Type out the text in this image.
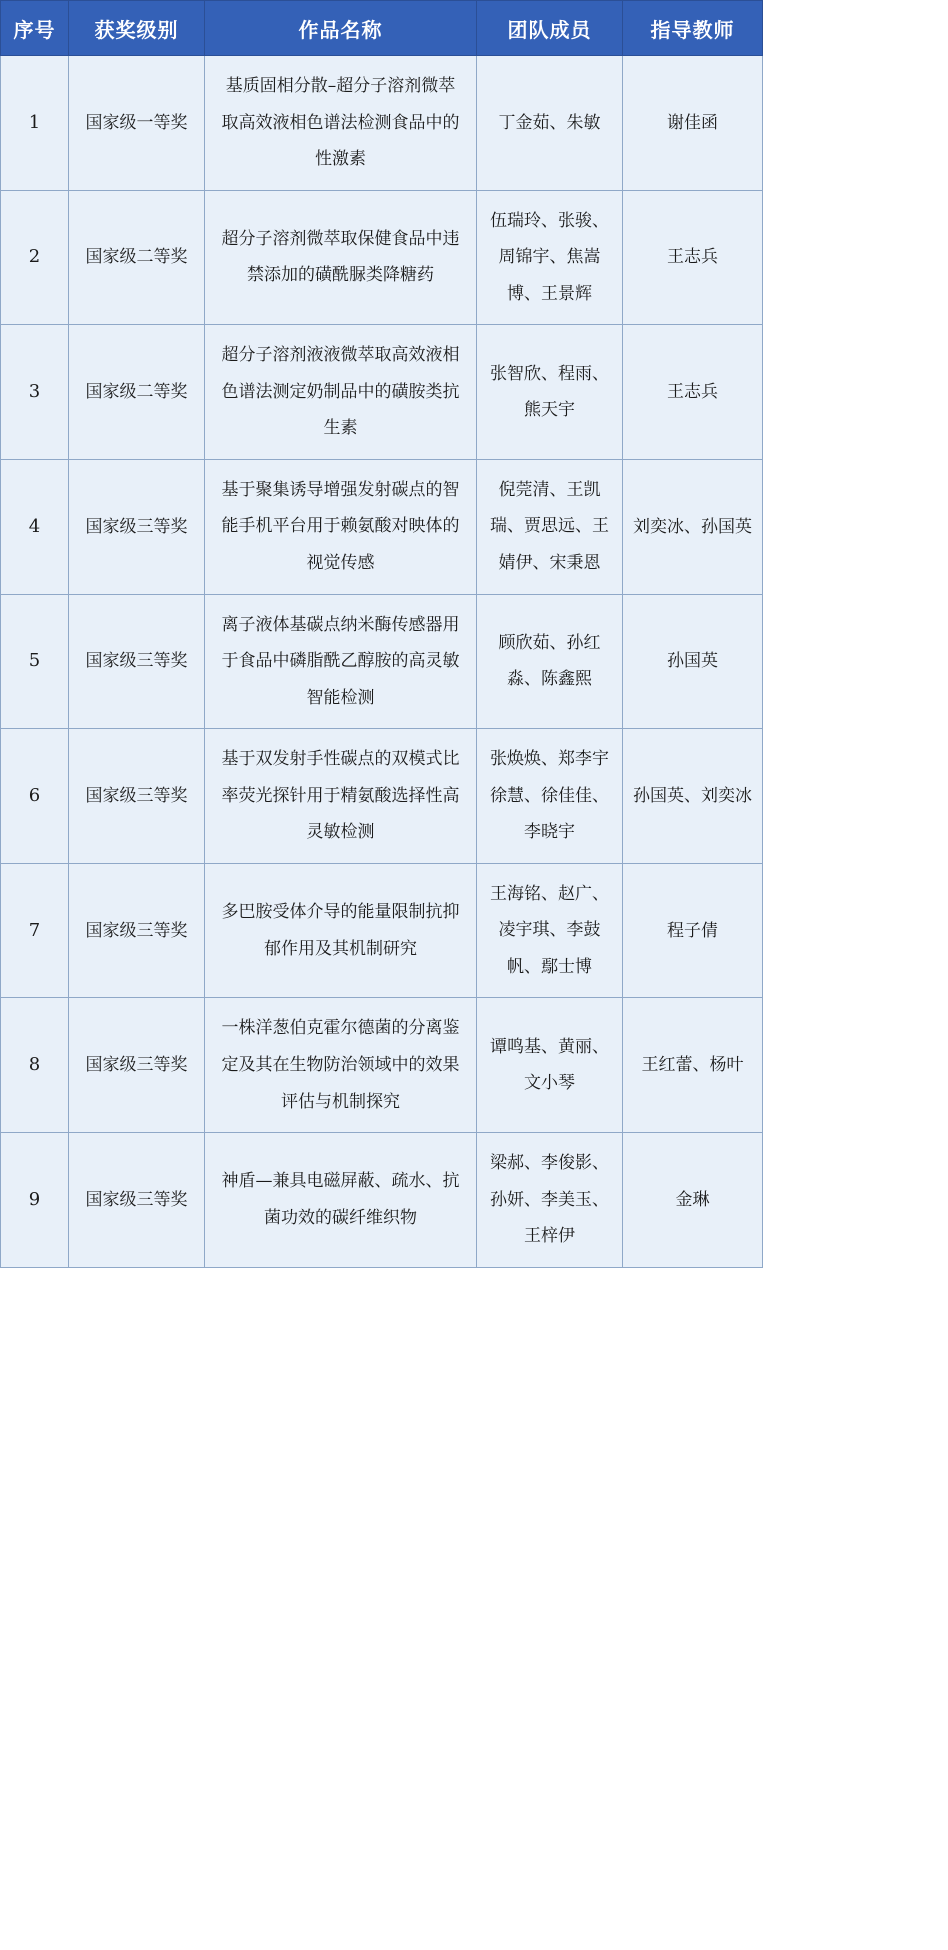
序号	获奖级别	作品名称	团队成员	指导教师
1	国家级一等奖	基质固相分散–超分子溶剂微萃取高效液相色谱法检测食品中的性激素	丁金茹、朱敏	谢佳函
2	国家级二等奖	超分子溶剂微萃取保健食品中违禁添加的磺酰脲类降糖药	伍瑞玲、张骏、周锦宇、焦嵩博、王景辉	王志兵
3	国家级二等奖	超分子溶剂液液微萃取高效液相色谱法测定奶制品中的磺胺类抗生素	张智欣、程雨、熊天宇	王志兵
4	国家级三等奖	基于聚集诱导增强发射碳点的智能手机平台用于赖氨酸对映体的视觉传感	倪莞清、王凯瑞、贾思远、王婧伊、宋秉恩	刘奕冰、孙国英
5	国家级三等奖	离子液体基碳点纳米酶传感器用于食品中磷脂酰乙醇胺的高灵敏智能检测	顾欣茹、孙红淼、陈鑫熙	孙国英
6	国家级三等奖	基于双发射手性碳点的双模式比率荧光探针用于精氨酸选择性高灵敏检测	张焕焕、郑李宇徐慧、徐佳佳、李晓宇	孙国英、刘奕冰
7	国家级三等奖	多巴胺受体介导的能量限制抗抑郁作用及其机制研究	王海铭、赵广、凌宇琪、李鼓帆、鄢士博	程子倩
8	国家级三等奖	一株洋葱伯克霍尔德菌的分离鉴定及其在生物防治领域中的效果评估与机制探究	谭鸣基、黄丽、文小琴	王红蕾、杨叶
9	国家级三等奖	神盾—兼具电磁屏蔽、疏水、抗菌功效的碳纤维织物	梁郝、李俊影、孙妍、李美玉、王梓伊	金琳
